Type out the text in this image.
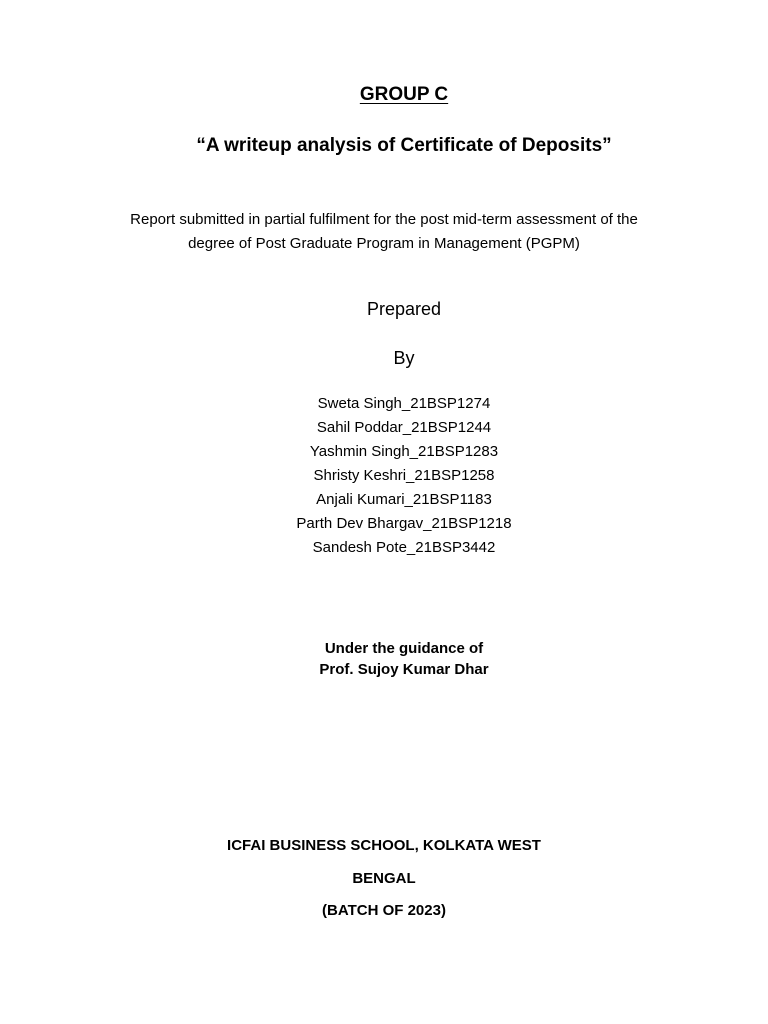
GROUP C
“A writeup analysis of Certificate of Deposits”
Report submitted in partial fulfilment for the post mid-term assessment of the
degree of Post Graduate Program in Management (PGPM)
Prepared
By
Sweta Singh_21BSP1274
Sahil Poddar_21BSP1244
Yashmin Singh_21BSP1283
Shristy Keshri_21BSP1258
Anjali Kumari_21BSP1183
Parth Dev Bhargav_21BSP1218
Sandesh Pote_21BSP3442
Under the guidance of
Prof. Sujoy Kumar Dhar
ICFAI BUSINESS SCHOOL, KOLKATA WEST
BENGAL
(BATCH OF 2023)
